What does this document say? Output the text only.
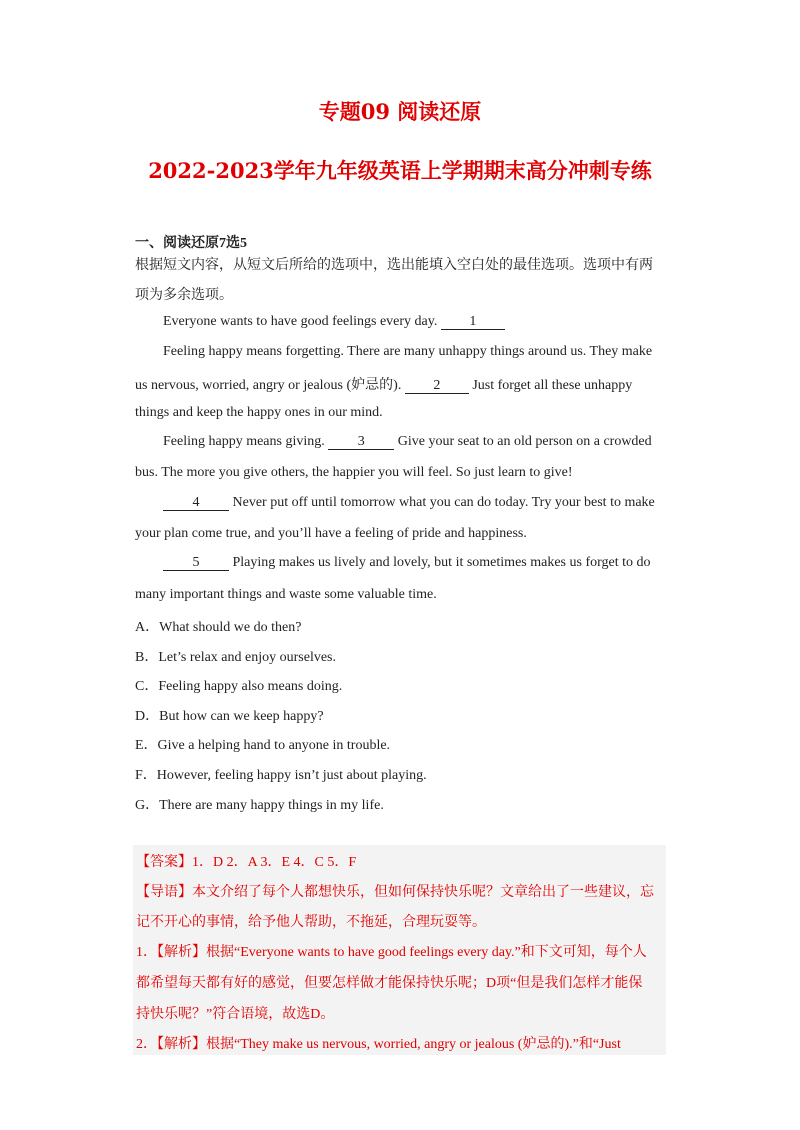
专题09 阅读还原
2022-2023学年九年级英语上学期期末高分冲刺专练
一、阅读还原7选5
根据短文内容，从短文后所给的选项中，选出能填入空白处的最佳选项。选项中有两
项为多余选项。
Everyone wants to have good feelings every day. 1
Feeling happy means forgetting. There are many unhappy things around us. They make
us nervous, worried, angry or jealous (妒忌的). 2 Just forget all these unhappy
things and keep the happy ones in our mind.
Feeling happy means giving. 3 Give your seat to an old person on a crowded
bus. The more you give others, the happier you will feel. So just learn to give!
4 Never put off until tomorrow what you can do today. Try your best to make
your plan come true, and you’ll have a feeling of pride and happiness.
5 Playing makes us lively and lovely, but it sometimes makes us forget to do
many important things and waste some valuable time.
A．What should we do then?
B．Let’s relax and enjoy ourselves.
C．Feeling happy also means doing.
D．But how can we keep happy?
E．Give a helping hand to anyone in trouble.
F．However, feeling happy isn’t just about playing.
G．There are many happy things in my life.
【答案】1．D 2．A 3．E 4．C 5．F
【导语】本文介绍了每个人都想快乐，但如何保持快乐呢？文章给出了一些建议，忘
记不开心的事情，给予他人帮助，不拖延，合理玩耍等。
1．【解析】根据“Everyone wants to have good feelings every day.”和下文可知，每个人
都希望每天都有好的感觉，但要怎样做才能保持快乐呢；D项“但是我们怎样才能保
持快乐呢？”符合语境，故选D。
2．【解析】根据“They make us nervous, worried, angry or jealous (妒忌的).”和“Just
